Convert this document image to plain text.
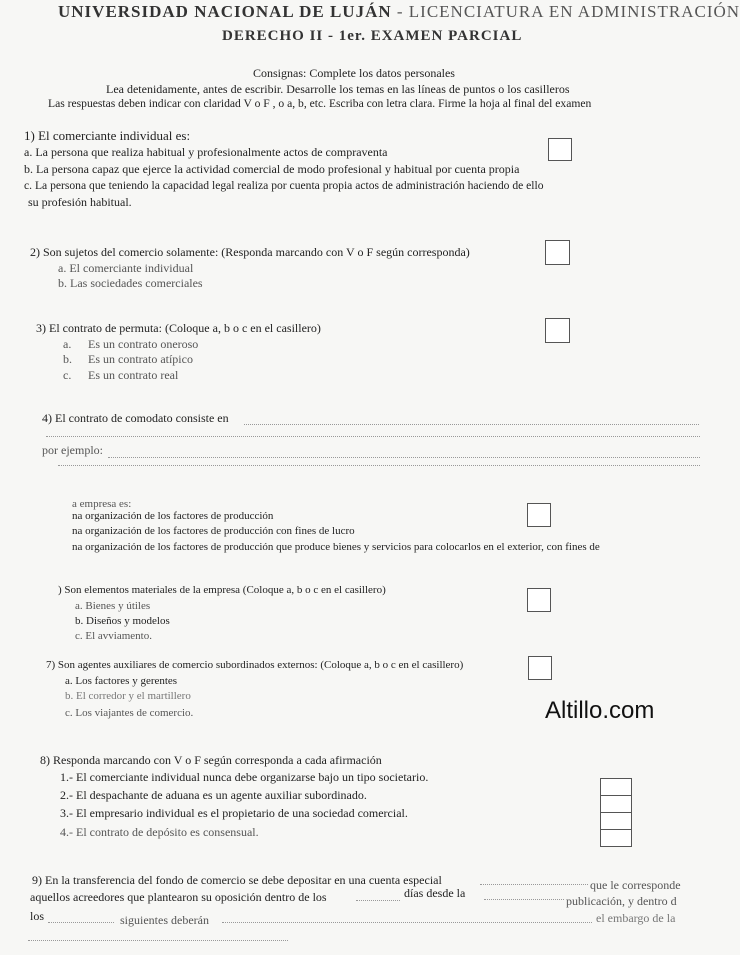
UNIVERSIDAD NACIONAL DE LUJÁN - LICENCIATURA EN ADMINISTRACIÓN
DERECHO II - 1er. EXAMEN PARCIAL
Consignas: Complete los datos personales
Lea detenidamente, antes de escribir. Desarrolle los temas en las líneas de puntos o los casilleros
Las respuestas deben indicar con claridad V o F , o a, b, etc. Escriba con letra clara. Firme la hoja al final del examen
1) El comerciante individual es:
a. La persona que realiza habitual y profesionalmente actos de compraventa
b. La persona capaz que ejerce la actividad comercial de modo profesional y habitual por cuenta propia
c. La persona que teniendo la capacidad legal realiza por cuenta propia actos de administración haciendo de ello
su profesión habitual.
2) Son sujetos del comercio solamente: (Responda marcando con V o F según corresponda)
a. El comerciante individual
b. Las sociedades comerciales
3) El contrato de permuta: (Coloque a, b o c en el casillero)
a. Es un contrato oneroso
b. Es un contrato atípico
c. Es un contrato real
4) El contrato de comodato consiste en
por ejemplo:
a empresa es:
na organización de los factores de producción
na organización de los factores de producción con fines de lucro
na organización de los factores de producción que produce bienes y servicios para colocarlos en el exterior, con fines de
) Son elementos materiales de la empresa (Coloque a, b o c en el casillero)
a. Bienes y útiles
b. Diseños y modelos
c. El avviamento.
7) Son agentes auxiliares de comercio subordinados externos: (Coloque a, b o c en el casillero)
a. Los factores y gerentes
b. El corredor y el martillero
c. Los viajantes de comercio.	Altillo.com
8) Responda marcando con V o F según corresponda a cada afirmación
1.- El comerciante individual nunca debe organizarse bajo un tipo societario.
2.- El despachante de aduana es un agente auxiliar subordinado.
3.- El empresario individual es el propietario de una sociedad comercial.
4.- El contrato de depósito es consensual.
9) En la transferencia del fondo de comercio se debe depositar en una cuenta especial	que le corresponde
aquellos acreedores que plantearon su oposición dentro de los	días desde la
publicación, y dentro d
los	siguientes deberán	el embargo de la
